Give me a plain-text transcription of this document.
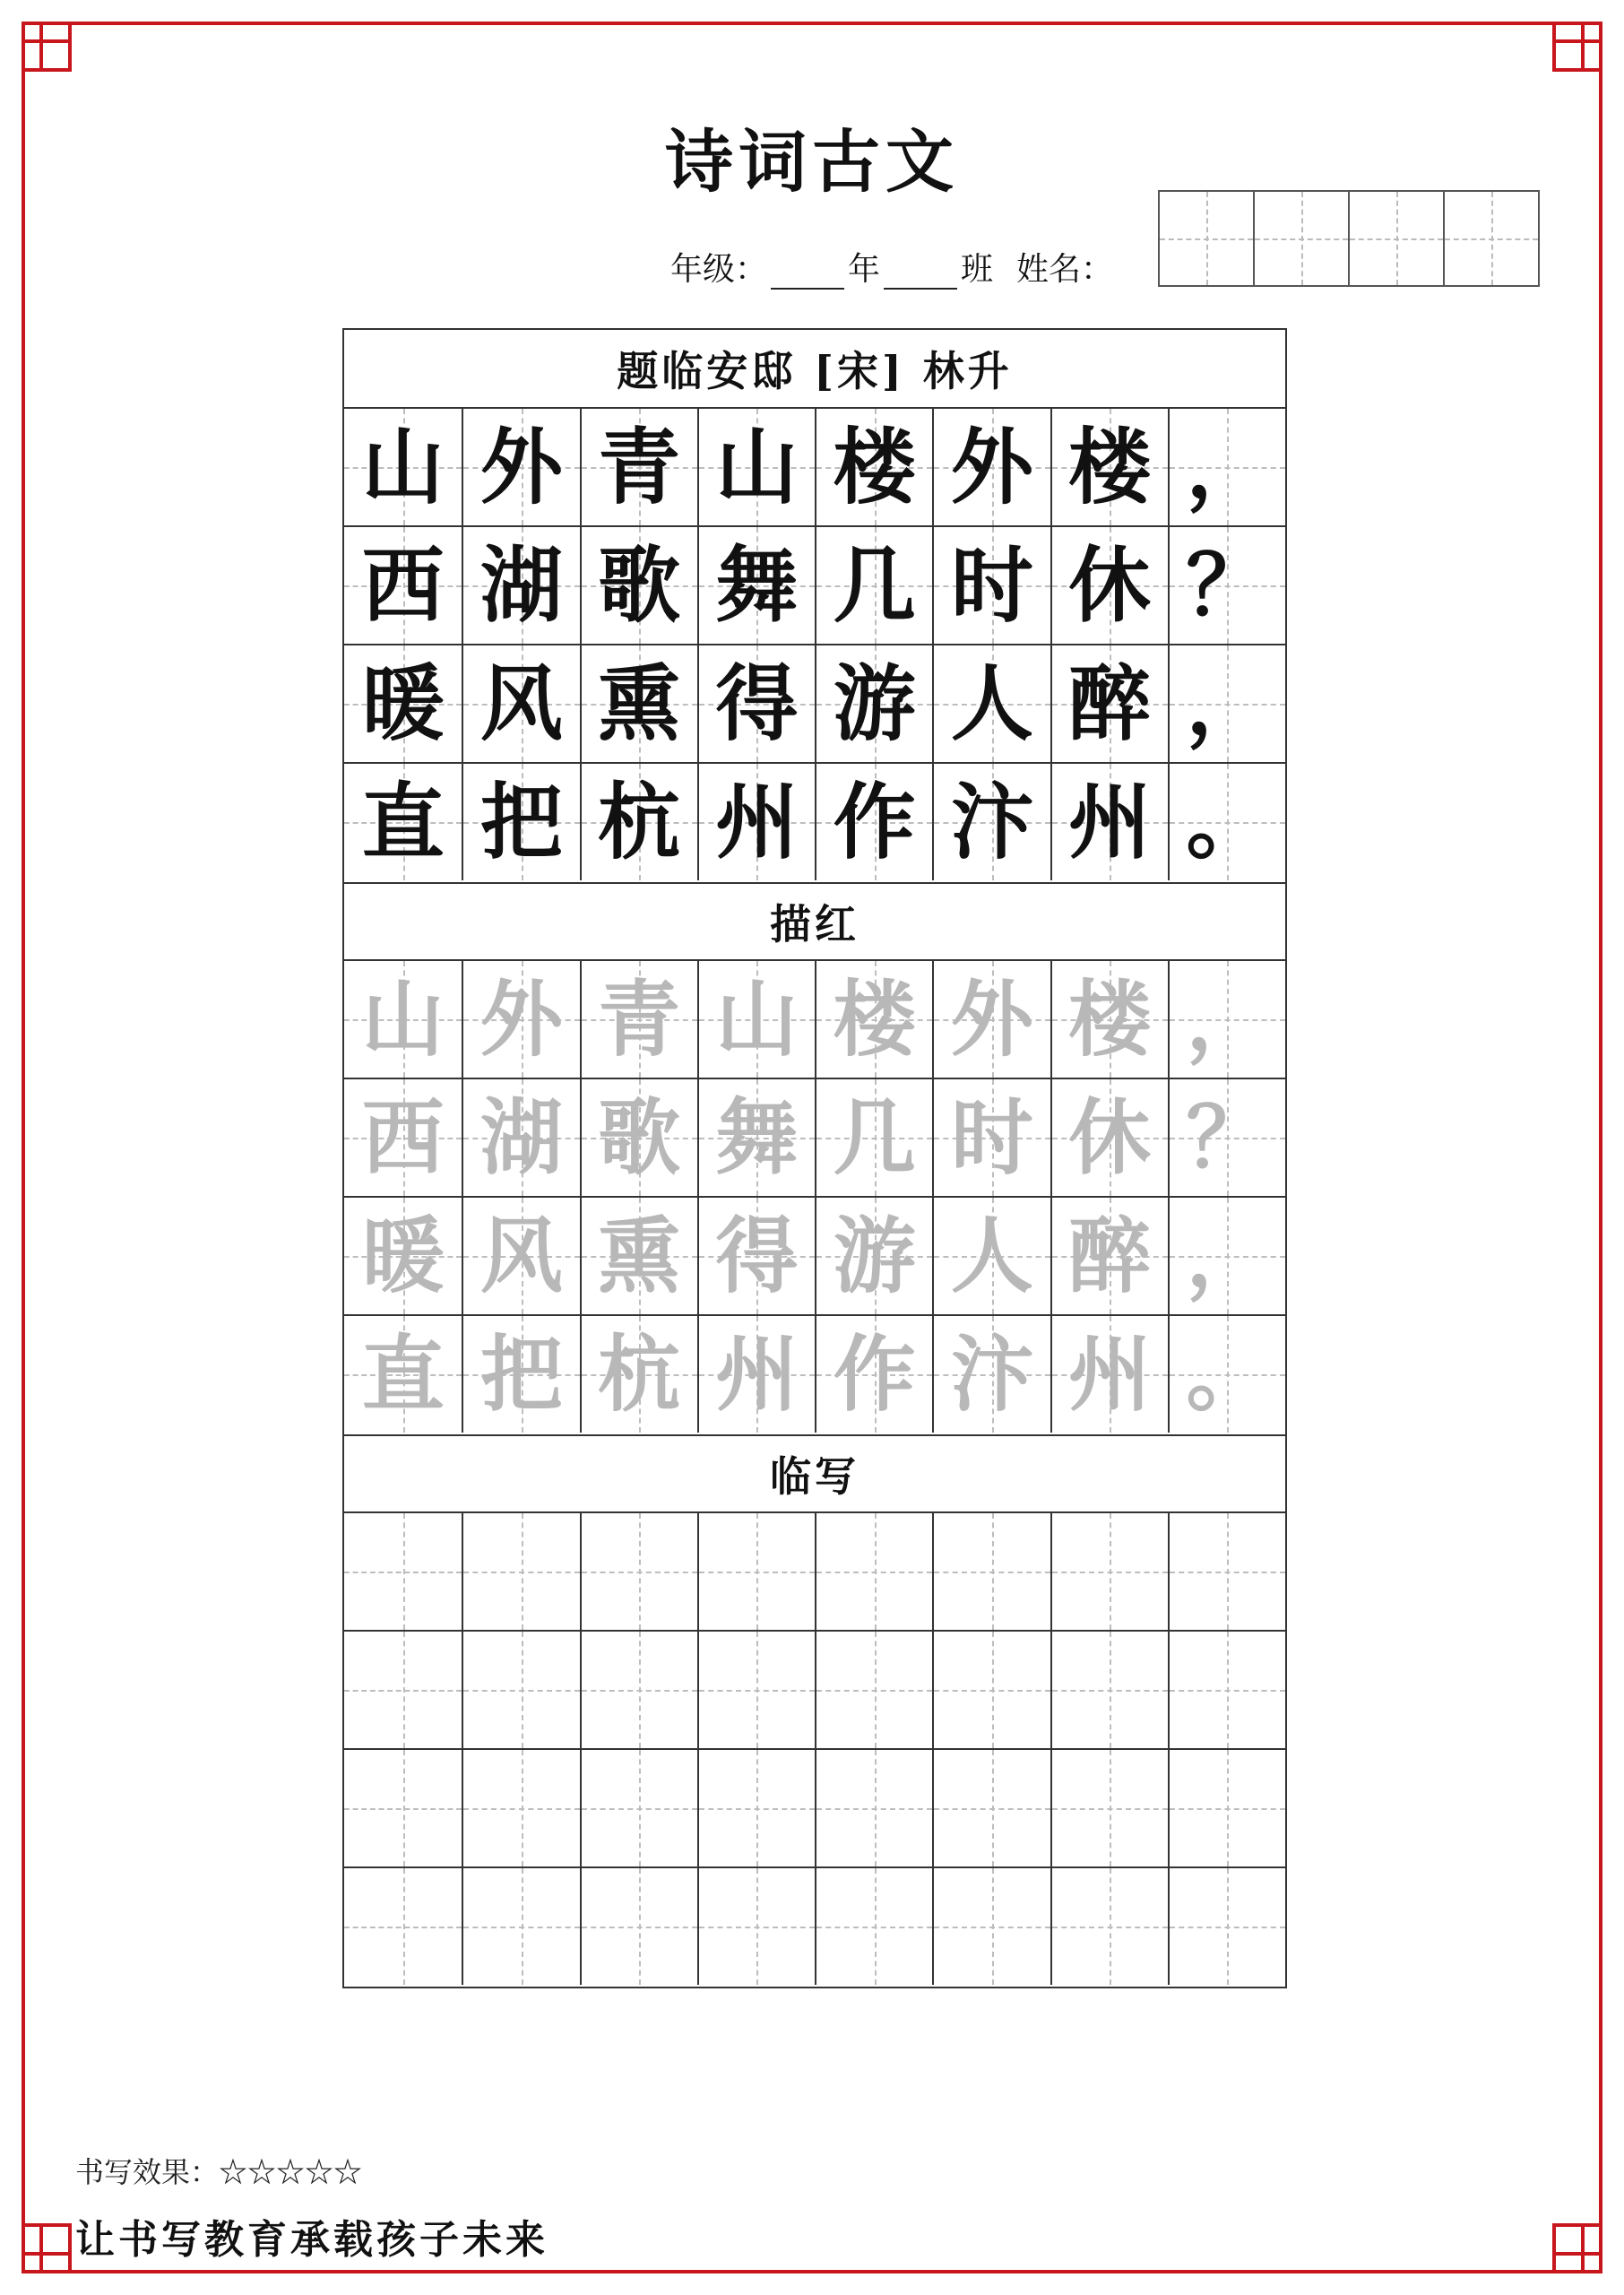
诗词古文
年级：	年	班 姓名：
题临安邸 [宋] 林升
山 外 青 山 楼 外 楼 ，
西 湖 歌 舞 几 时 休 ？
暖 风 熏 得 游 人 醉 ，
直 把 杭 州 作 汴 州 。
描红
山 外 青 山 楼 外 楼 ，
西 湖 歌 舞 几 时 休 ？
暖 风 熏 得 游 人 醉 ，
直 把 杭 州 作 汴 州 。
临写
书写效果：☆☆☆☆☆
让书写教育承载孩子未来
